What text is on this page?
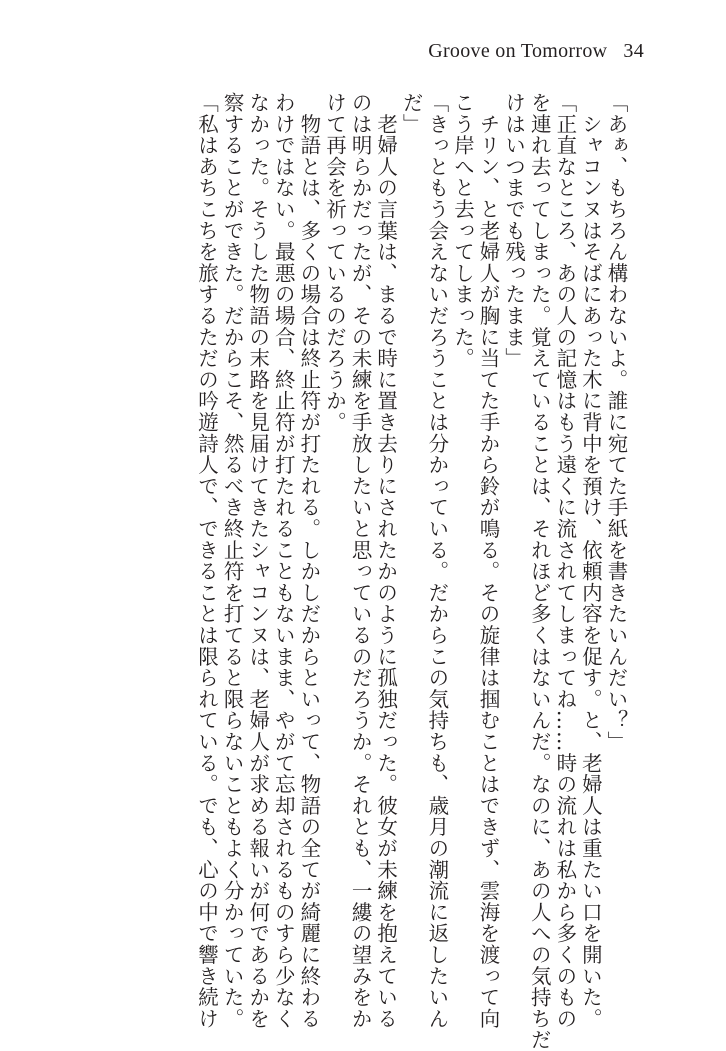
Groove on Tomorrow 34
「あぁ、もちろん構わないよ。誰に宛てた手紙を書きたいんだい？」
　シャコンヌはそばにあった木に背中を預け、依頼内容を促す。と、老婦人は重たい口を開いた。
「正直なところ、あの人の記憶はもう遠くに流されてしまってね……時の流れは私から多くのもの
を連れ去ってしまった。覚えていることは、それほど多くはないんだ。なのに、あの人への気持ちだ
けはいつまでも残ったまま」
　チリン、と老婦人が胸に当てた手から鈴が鳴る。その旋律は掴むことはできず、雲海を渡って向
こう岸へと去ってしまった。
「きっともう会えないだろうことは分かっている。だからこの気持ちも、歳月の潮流に返したいん
だ」
　老婦人の言葉は、まるで時に置き去りにされたかのように孤独だった。彼女が未練を抱えている
のは明らかだったが、その未練を手放したいと思っているのだろうか。それとも、一縷の望みをか
けて再会を祈っているのだろうか。
　物語とは、多くの場合は終止符が打たれる。しかしだからといって、物語の全てが綺麗に終わる
わけではない。最悪の場合、終止符が打たれることもないまま、やがて忘却されるものすら少なく
なかった。そうした物語の末路を見届けてきたシャコンヌは、老婦人が求める報いが何であるかを
察することができた。だからこそ、然るべき終止符を打てると限らないこともよく分かっていた。
「私はあちこちを旅するただの吟遊詩人で、できることは限られている。でも、心の中で響き続け
